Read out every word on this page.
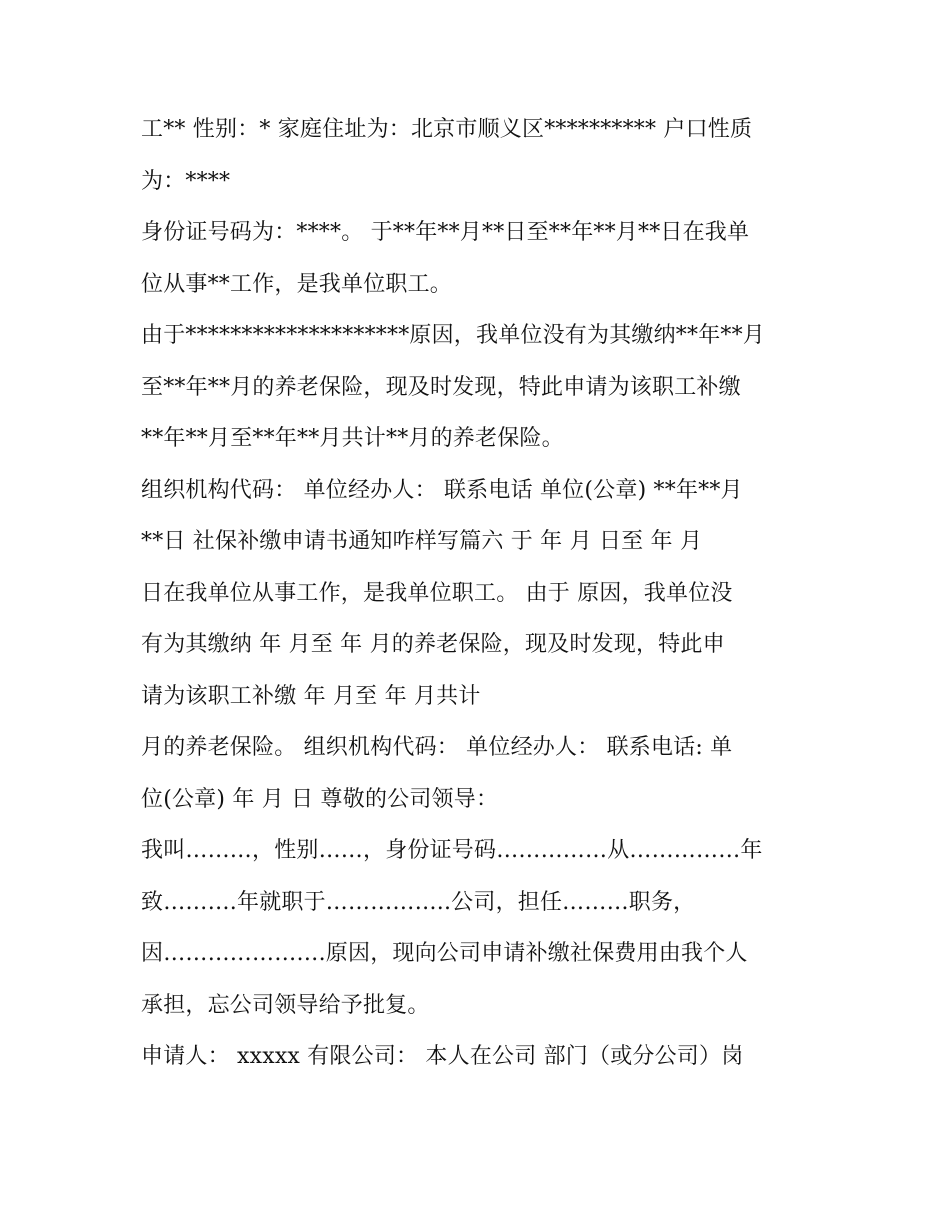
工** 性别：* 家庭住址为：北京市顺义区********** 户口性质
为：****
身份证号码为：****。 于**年**月**日至**年**月**日在我单
位从事**工作，是我单位职工。
由于********************原因，我单位没有为其缴纳**年**月
至**年**月的养老保险，现及时发现，特此申请为该职工补缴
**年**月至**年**月共计**月的养老保险。
组织机构代码： 单位经办人： 联系电话 单位(公章) **年**月
**日 社保补缴申请书通知咋样写篇六 于 年 月 日至 年 月
日在我单位从事工作，是我单位职工。 由于 原因，我单位没
有为其缴纳 年 月至 年 月的养老保险，现及时发现，特此申
请为该职工补缴 年 月至 年 月共计
月的养老保险。 组织机构代码： 单位经办人： 联系电话: 单
位(公章) 年 月 日 尊敬的公司领导：
我叫………，性别……，身份证号码……………从……………年
致……….年就职于……………..公司，担任………职务，
因………………….原因，现向公司申请补缴社保费用由我个人
承担，忘公司领导给予批复。
申请人： xxxxx 有限公司： 本人在公司 部门（或分公司）岗
